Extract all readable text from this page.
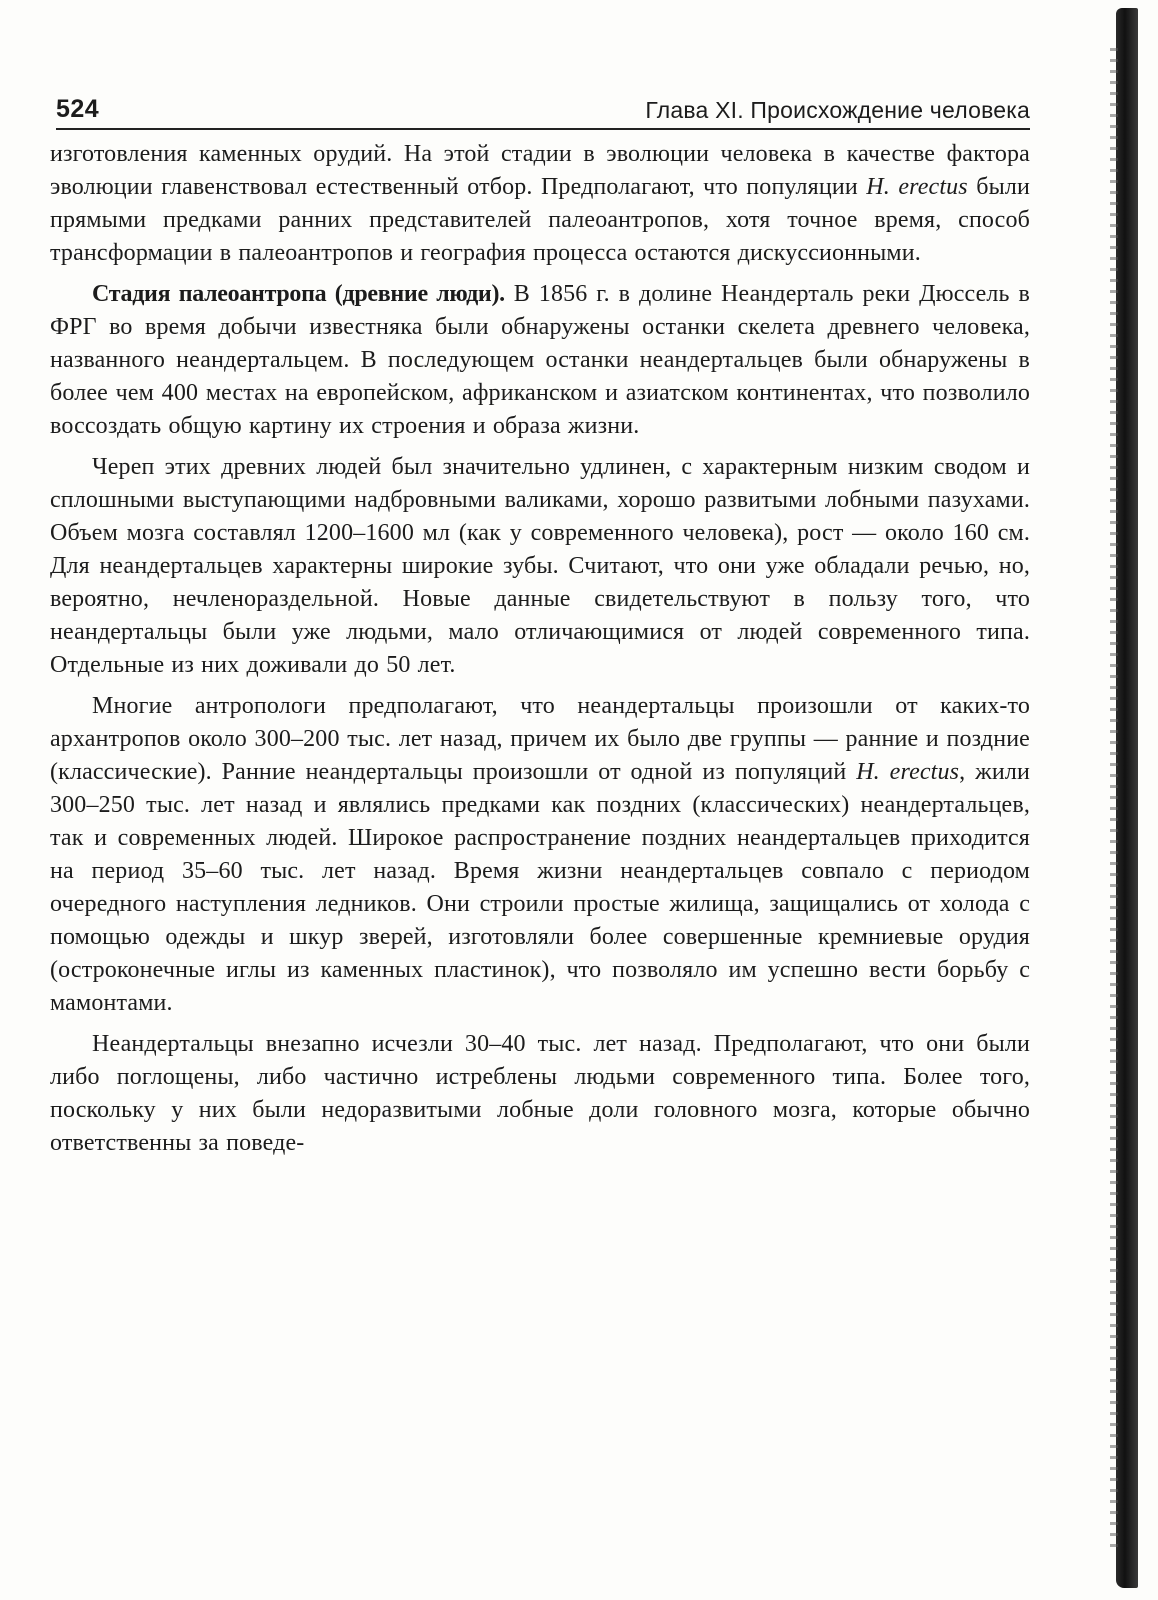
524	Глава XI. Происхождение человека

изготовления каменных орудий. На этой стадии в эволюции человека в качестве фактора эволюции главенствовал естественный отбор. Предполагают, что популяции H. erectus были прямыми предками ранних представителей палеоантропов, хотя точное время, способ трансформации в палеоантропов и география процесса остаются дискуссионными.

Стадия палеоантропа (древние люди). В 1856 г. в долине Неандерталь реки Дюссель в ФРГ во время добычи известняка были обнаружены останки скелета древнего человека, названного неандертальцем. В последующем останки неандертальцев были обнаружены в более чем 400 местах на европейском, африканском и азиатском континентах, что позволило воссоздать общую картину их строения и образа жизни.

Череп этих древних людей был значительно удлинен, с характерным низким сводом и сплошными выступающими надбровными валиками, хорошо развитыми лобными пазухами. Объем мозга составлял 1200–1600 мл (как у современного человека), рост — около 160 см. Для неандертальцев характерны широкие зубы. Считают, что они уже обладали речью, но, вероятно, нечленораздельной. Новые данные свидетельствуют в пользу того, что неандертальцы были уже людьми, мало отличающимися от людей современного типа. Отдельные из них доживали до 50 лет.

Многие антропологи предполагают, что неандертальцы произошли от каких-то архантропов около 300–200 тыс. лет назад, причем их было две группы — ранние и поздние (классические). Ранние неандертальцы произошли от одной из популяций H. erectus, жили 300–250 тыс. лет назад и являлись предками как поздних (классических) неандертальцев, так и современных людей. Широкое распространение поздних неандертальцев приходится на период 35–60 тыс. лет назад. Время жизни неандертальцев совпало с периодом очередного наступления ледников. Они строили простые жилища, защищались от холода с помощью одежды и шкур зверей, изготовляли более совершенные кремниевые орудия (остроконечные иглы из каменных пластинок), что позволяло им успешно вести борьбу с мамонтами.

Неандертальцы внезапно исчезли 30–40 тыс. лет назад. Предполагают, что они были либо поглощены, либо частично истреблены людьми современного типа. Более того, поскольку у них были недоразвитыми лобные доли головного мозга, которые обычно ответственны за поведе-
